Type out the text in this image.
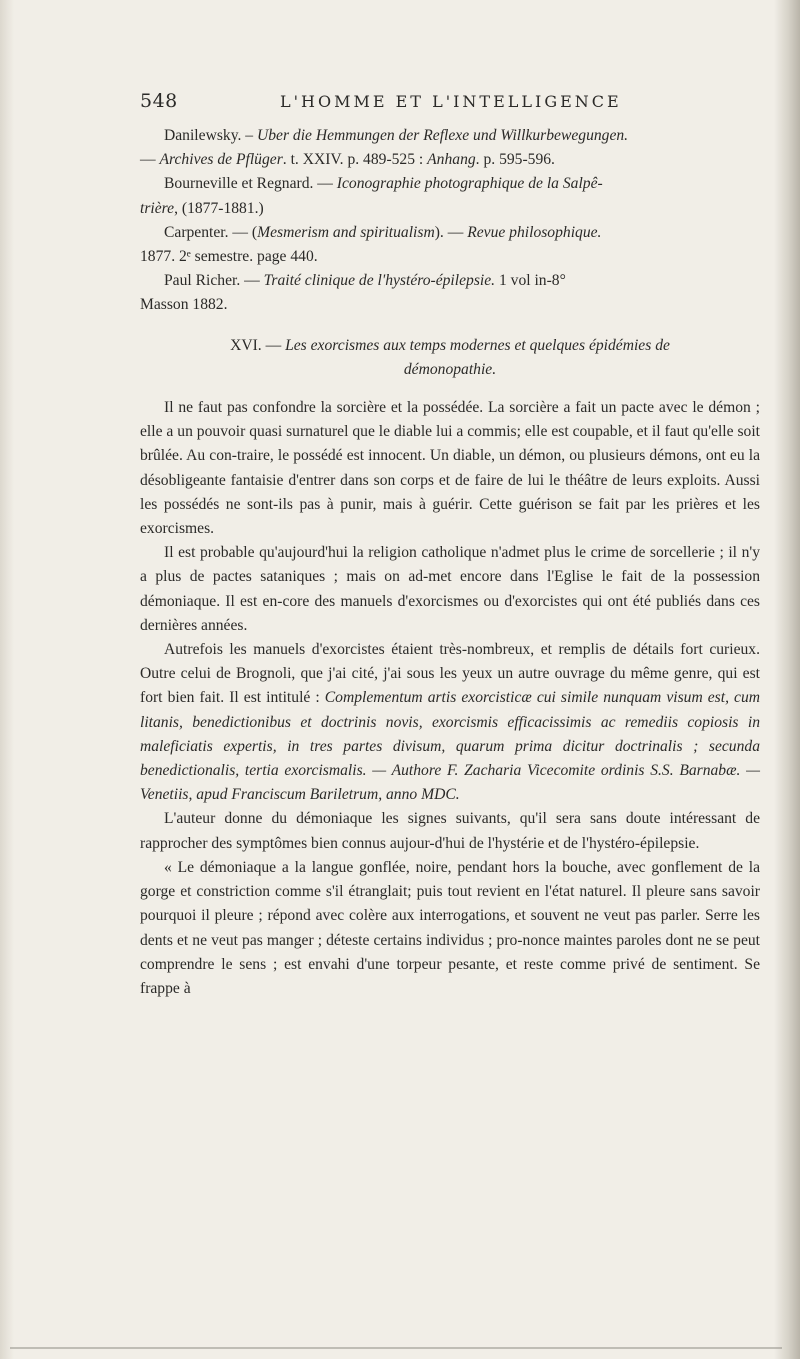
548	L'HOMME ET L'INTELLIGENCE

Danilewsky. – Uber die Hemmungen der Reflexe und Willkurbewegungen.
— Archives de Pflüger. t. XXIV. p. 489-525 : Anhang. p. 595-596.

Bourneville et Regnard. — Iconographie photographique de la Salpê-
trière, (1877-1881.)

Carpenter. — (Mesmerism and spiritualism). — Revue philosophique.
1877. 2ᵉ semestre. page 440.

Paul Richer. — Traité clinique de l'hystéro-épilepsie. 1 vol in-8°
Masson 1882.

XVI. — Les exorcismes aux temps modernes et quelques épidémies de
démonopathie.

Il ne faut pas confondre la sorcière et la possédée. La sorcière a fait un pacte avec le démon ; elle a un pouvoir quasi surnaturel que le diable lui a commis; elle est coupable, et il faut qu'elle soit brûlée. Au con-traire, le possédé est innocent. Un diable, un démon, ou plusieurs démons, ont eu la désobligeante fantaisie d'entrer dans son corps et de faire de lui le théâtre de leurs exploits. Aussi les possédés ne sont-ils pas à punir, mais à guérir. Cette guérison se fait par les prières et les exorcismes.

Il est probable qu'aujourd'hui la religion catholique n'admet plus le crime de sorcellerie ; il n'y a plus de pactes sataniques ; mais on ad-met encore dans l'Eglise le fait de la possession démoniaque. Il est en-core des manuels d'exorcismes ou d'exorcistes qui ont été publiés dans ces dernières années.

Autrefois les manuels d'exorcistes étaient très-nombreux, et remplis de détails fort curieux. Outre celui de Brognoli, que j'ai cité, j'ai sous les yeux un autre ouvrage du même genre, qui est fort bien fait. Il est intitulé : Complementum artis exorcisticæ cui simile nunquam visum est, cum litanis, benedictionibus et doctrinis novis, exorcismis efficacissimis ac remediis copiosis in maleficiatis expertis, in tres partes divisum, quarum prima dicitur doctrinalis ; secunda benedictionalis, tertia exorcismalis. — Authore F. Zacharia Vicecomite ordinis S.S. Barnabæ. — Venetiis, apud Franciscum Bariletrum, anno MDC.

L'auteur donne du démoniaque les signes suivants, qu'il sera sans doute intéressant de rapprocher des symptômes bien connus aujour-d'hui de l'hystérie et de l'hystéro-épilepsie.

« Le démoniaque a la langue gonflée, noire, pendant hors la bouche, avec gonflement de la gorge et constriction comme s'il étranglait; puis tout revient en l'état naturel. Il pleure sans savoir pourquoi il pleure ; répond avec colère aux interrogations, et souvent ne veut pas parler. Serre les dents et ne veut pas manger ; déteste certains individus ; pro-nonce maintes paroles dont ne se peut comprendre le sens ; est envahi d'une torpeur pesante, et reste comme privé de sentiment. Se frappe à
